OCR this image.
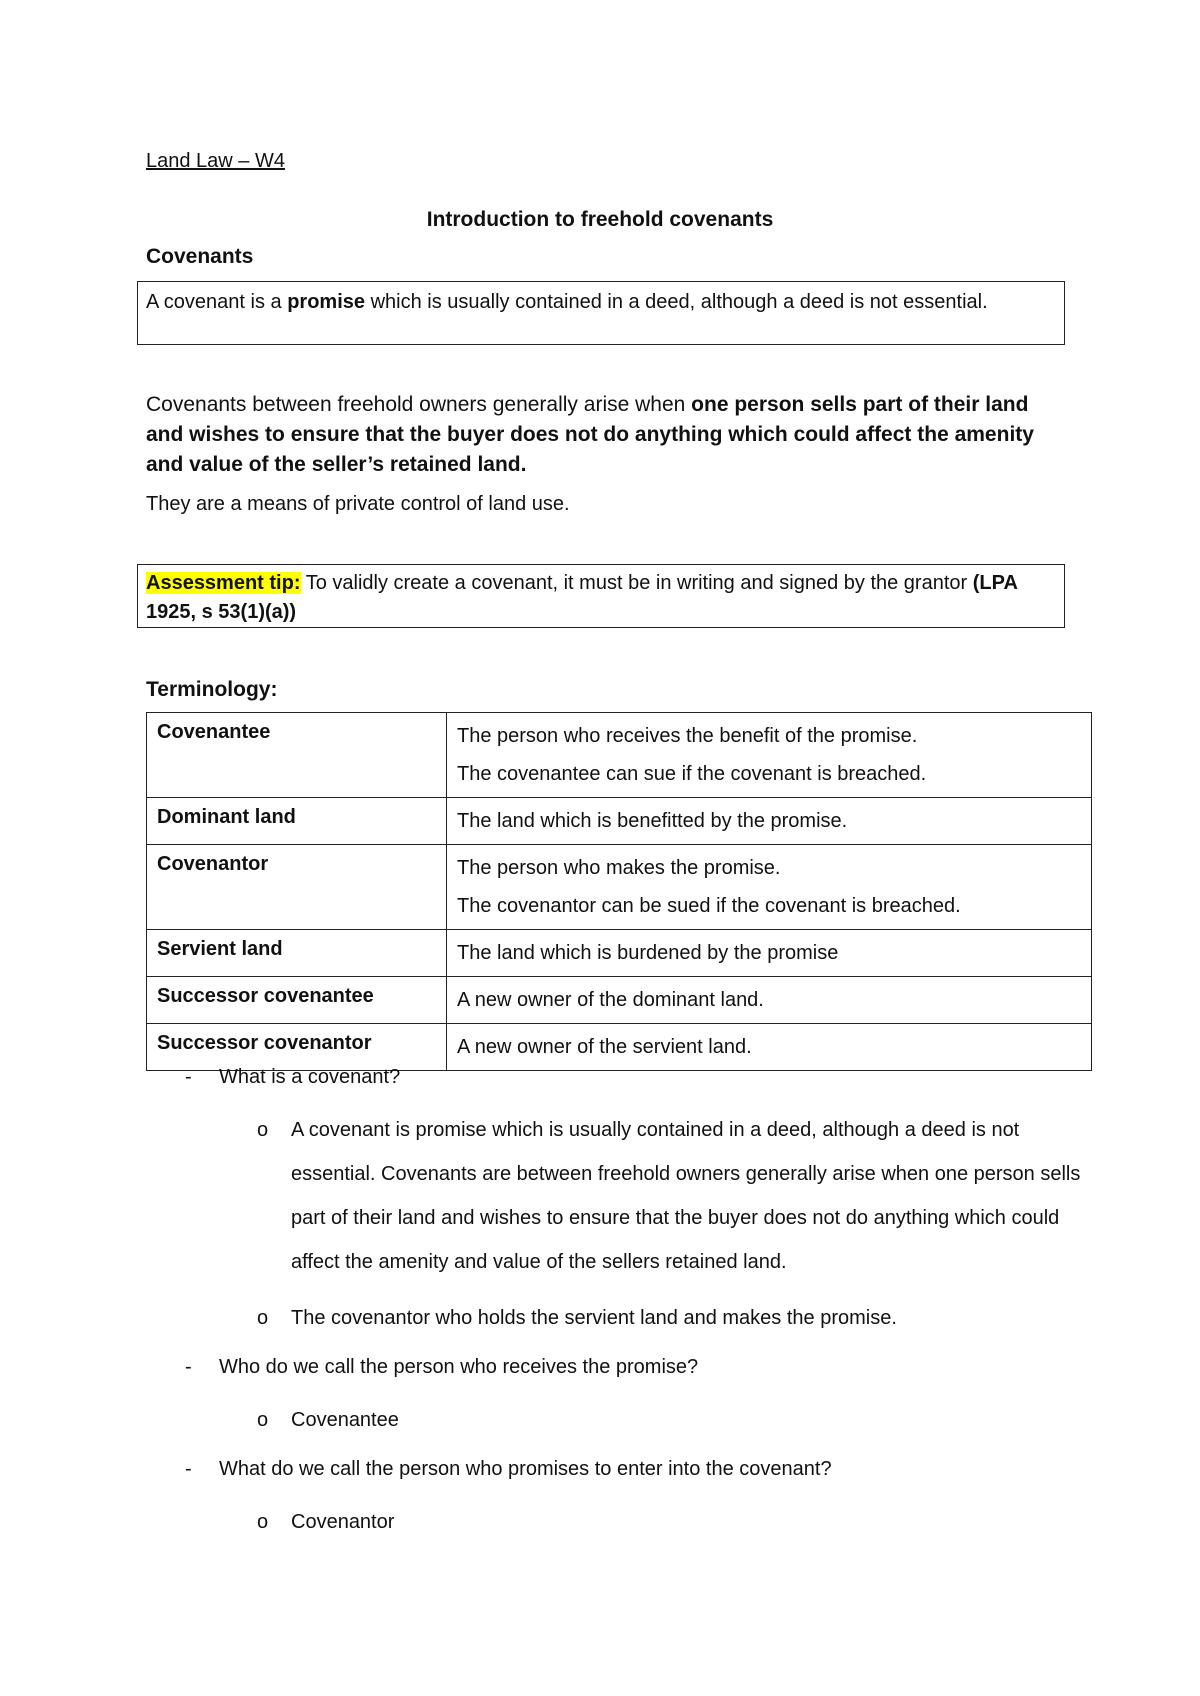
Land Law – W4
Introduction to freehold covenants
Covenants
A covenant is a promise which is usually contained in a deed, although a deed is not essential.
Covenants between freehold owners generally arise when one person sells part of their land and wishes to ensure that the buyer does not do anything which could affect the amenity and value of the seller’s retained land.
They are a means of private control of land use.
Assessment tip: To validly create a covenant, it must be in writing and signed by the grantor (LPA 1925, s 53(1)(a))
Terminology:
Covenantee	The person who receives the benefit of the promise.
The covenantee can sue if the covenant is breached.

Dominant land	The land which is benefitted by the promise.

Covenantor	The person who makes the promise.
The covenantor can be sued if the covenant is breached.

Servient land	The land which is burdened by the promise

Successor covenantee	A new owner of the dominant land.

Successor covenantor	A new owner of the servient land.
- What is a covenant?
o A covenant is promise which is usually contained in a deed, although a deed is not essential. Covenants are between freehold owners generally arise when one person sells part of their land and wishes to ensure that the buyer does not do anything which could affect the amenity and value of the sellers retained land.
o The covenantor who holds the servient land and makes the promise.
- Who do we call the person who receives the promise?
o Covenantee
- What do we call the person who promises to enter into the covenant?
o Covenantor
